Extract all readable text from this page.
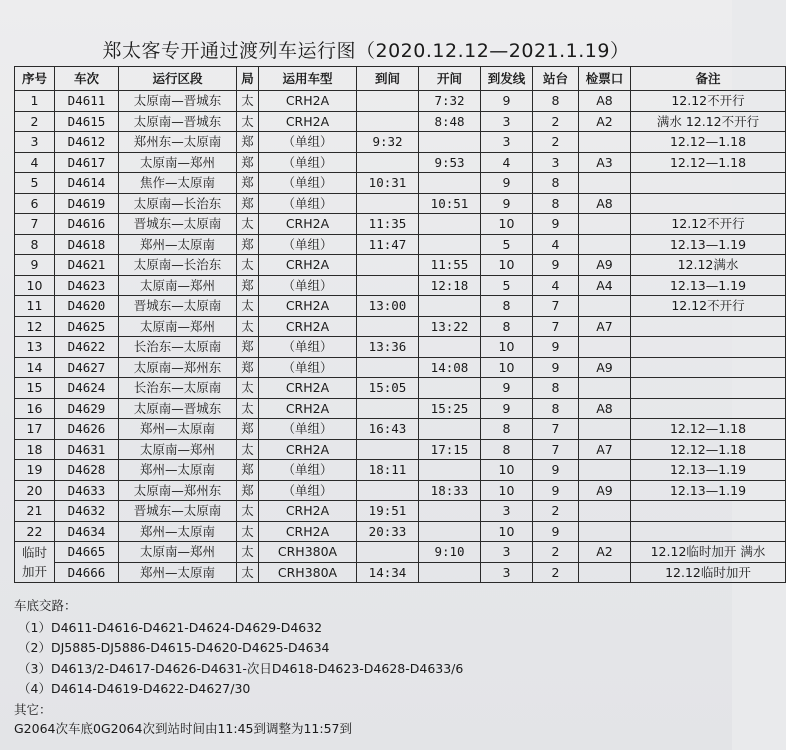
郑太客专开通过渡列车运行图（2020.12.12—2021.1.19）
序号	车次	运行区段	局	运用车型	到间	开间	到发线	站台	检票口	备注
1	D4611	太原南—晋城东	太	CRH2A		7:32	9	8	A8	12.12不开行
2	D4615	太原南—晋城东	太	CRH2A		8:48	3	2	A2	满水 12.12不开行
3	D4612	郑州东—太原南	郑	（单组）	9:32		3	2		12.12—1.18
4	D4617	太原南—郑州	郑	（单组）		9:53	4	3	A3	12.12—1.18
5	D4614	焦作—太原南	郑	（单组）	10:31		9	8		
6	D4619	太原南—长治东	郑	（单组）		10:51	9	8	A8	
7	D4616	晋城东—太原南	太	CRH2A	11:35		10	9		12.12不开行
8	D4618	郑州—太原南	郑	（单组）	11:47		5	4		12.13—1.19
9	D4621	太原南—长治东	太	CRH2A		11:55	10	9	A9	12.12满水
10	D4623	太原南—郑州	郑	（单组）		12:18	5	4	A4	12.13—1.19
11	D4620	晋城东—太原南	太	CRH2A	13:00		8	7		12.12不开行
12	D4625	太原南—郑州	太	CRH2A		13:22	8	7	A7	
13	D4622	长治东—太原南	郑	（单组）	13:36		10	9		
14	D4627	太原南—郑州东	郑	（单组）		14:08	10	9	A9	
15	D4624	长治东—太原南	太	CRH2A	15:05		9	8		
16	D4629	太原南—晋城东	太	CRH2A		15:25	9	8	A8	
17	D4626	郑州—太原南	郑	（单组）	16:43		8	7		12.12—1.18
18	D4631	太原南—郑州	太	CRH2A		17:15	8	7	A7	12.12—1.18
19	D4628	郑州—太原南	郑	（单组）	18:11		10	9		12.13—1.19
20	D4633	太原南—郑州东	郑	（单组）		18:33	10	9	A9	12.13—1.19
21	D4632	晋城东—太原南	太	CRH2A	19:51		3	2		
22	D4634	郑州—太原南	太	CRH2A	20:33		10	9		

临时
加开	D4665	太原南—郑州	太	CRH380A		9:10	3	2	A2	12.12临时加开 满水
	D4666	郑州—太原南	太	CRH380A	14:34		3	2		12.12临时加开
车底交路：
（1）D4611-D4616-D4621-D4624-D4629-D4632
（2）DJ5885-DJ5886-D4615-D4620-D4625-D4634
（3）D4613/2-D4617-D4626-D4631-次日D4618-D4623-D4628-D4633/6
（4）D4614-D4619-D4622-D4627/30
其它：
G2064次车底0G2064次到站时间由11:45到调整为11:57到
